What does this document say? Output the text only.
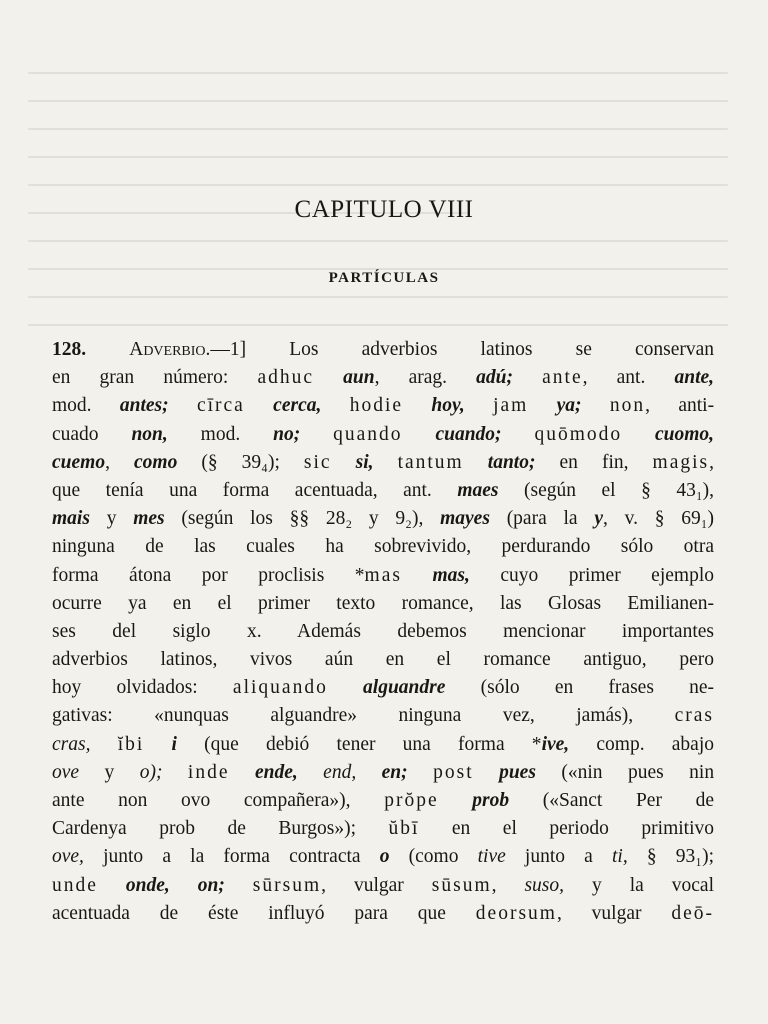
CAPITULO VIII
PARTÍCULAS
128. Adverbio.—1] Los adverbios latinos se conservan
en gran número: adhuc aun, arag. adú; ante, ant. ante,
mod. antes; cīrca cerca, hodie hoy, jam ya; non, anti-
cuado non, mod. no; quando cuando; quōmodo cuomo,
cuemo, como (§ 39₄); sic si, tantum tanto; en fin, magis,
que tenía una forma acentuada, ant. maes (según el § 43₁),
mais y mes (según los §§ 28₂ y 9₂), mayes (para la y, v. § 69₁)
ninguna de las cuales ha sobrevivido, perdurando sólo otra
forma átona por proclisis *mas mas, cuyo primer ejemplo
ocurre ya en el primer texto romance, las Glosas Emilianen-
ses del siglo x. Además debemos mencionar importantes
adverbios latinos, vivos aún en el romance antiguo, pero
hoy olvidados: aliquando alguandre (sólo en frases ne-
gativas: «nunquas alguandre» ninguna vez, jamás), cras
cras, ĭbi i (que debió tener una forma *ive, comp. abajo
ove y o); inde ende, end, en; post pues («nin pues nin
ante non ovo compañera»), prŏpe prob («Sanct Per de
Cardenya prob de Burgos»); ŭbī en el periodo primitivo
ove, junto a la forma contracta o (como tive junto a ti, § 93₁);
unde onde, on; sūrsum, vulgar sūsum, suso, y la vocal
acentuada de éste influyó para que deorsum, vulgar deō-
